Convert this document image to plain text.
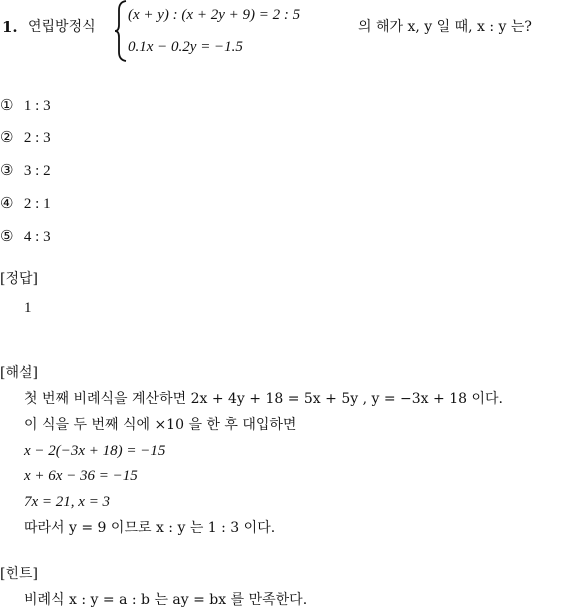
1. 연립방정식
(x + y) : (x + 2y + 9) = 2 : 5
0.1x − 0.2y = −1.5
의 해가 x, y 일 때, x : y 는?
① 1 : 3
② 2 : 3
③ 3 : 2
④ 2 : 1
⑤ 4 : 3
[정답]
1
[해설]
첫 번째 비례식을 계산하면 2x + 4y + 18 = 5x + 5y , y = −3x + 18 이다.
이 식을 두 번째 식에 ×10 을 한 후 대입하면
x − 2(−3x + 18) = −15
x + 6x − 36 = −15
7x = 21, x = 3
따라서 y = 9 이므로 x : y 는 1 : 3 이다.
[힌트]
비례식 x : y = a : b 는 ay = bx 를 만족한다.
